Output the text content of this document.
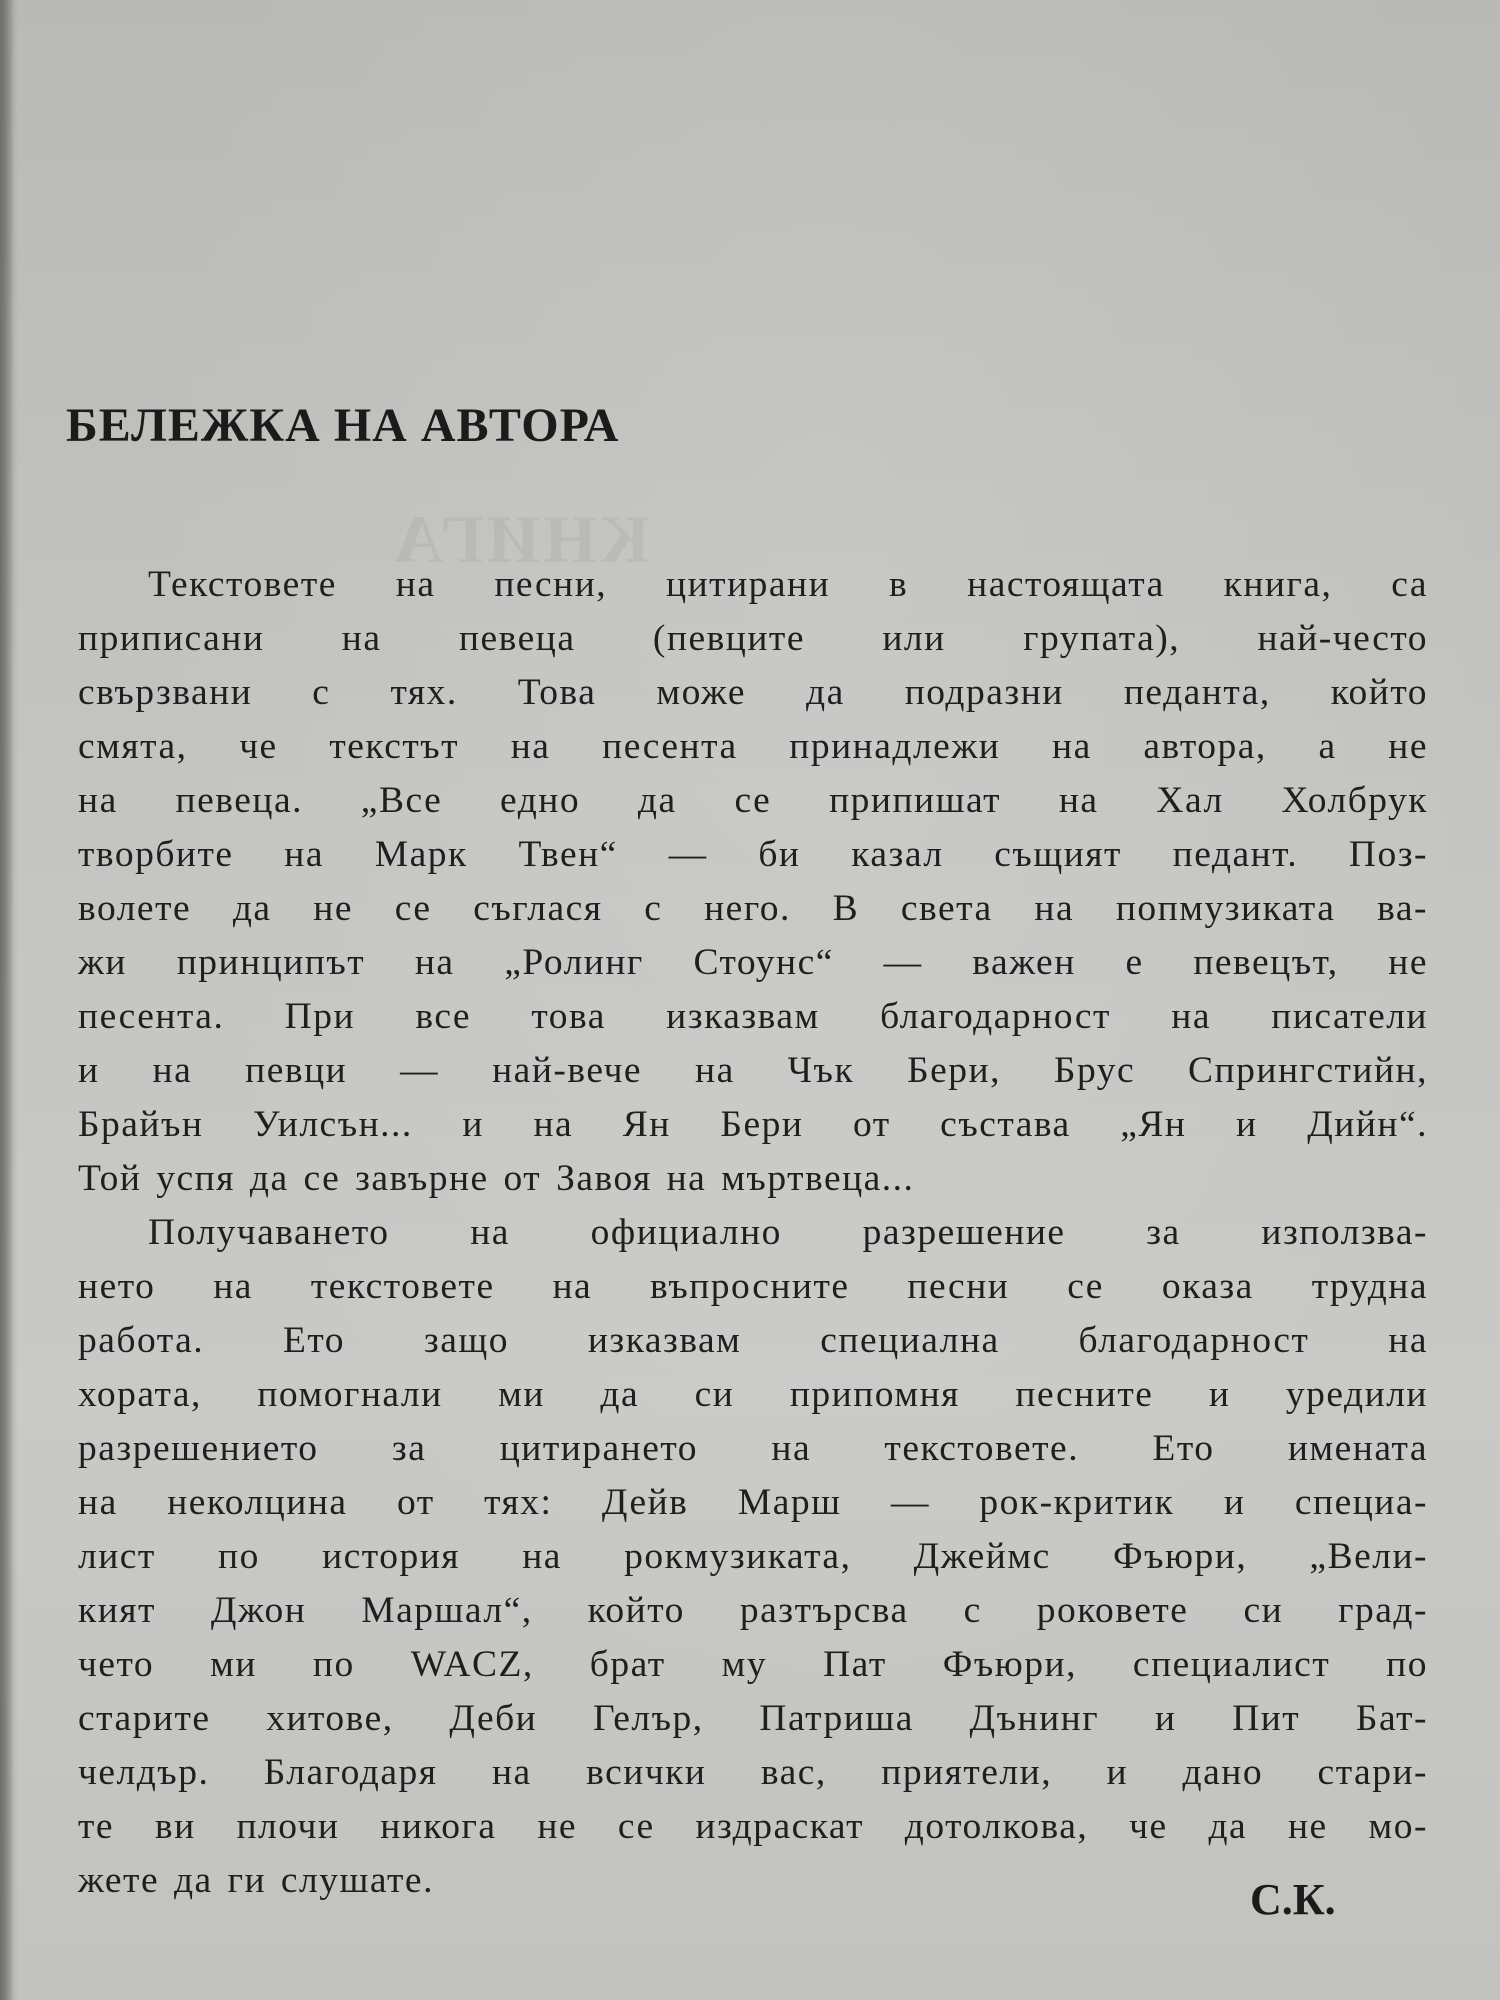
КНИГА
БЕЛЕЖКА НА АВТОРА
Текстовете на песни, цитирани в настоящата книга, са
приписани на певеца (певците или групата), най-често
свързвани с тях. Това може да подразни педанта, който
смята, че текстът на песента принадлежи на автора, а не
на певеца. „Все едно да се припишат на Хал Холбрук
творбите на Марк Твен“ — би казал същият педант. Поз-
волете да не се съглася с него. В света на попмузиката ва-
жи принципът на „Ролинг Стоунс“ — важен е певецът, не
песента. При все това изказвам благодарност на писатели
и на певци — най-вече на Чък Бери, Брус Спрингстийн,
Брайън Уилсън... и на Ян Бери от състава „Ян и Дийн“.
Той успя да се завърне от Завоя на мъртвеца...
Получаването на официално разрешение за използва-
нето на текстовете на въпросните песни се оказа трудна
работа. Ето защо изказвам специална благодарност на
хората, помогнали ми да си припомня песните и уредили
разрешението за цитирането на текстовете. Ето имената
на неколцина от тях: Дейв Марш — рок-критик и специа-
лист по история на рокмузиката, Джеймс Фъюри, „Вели-
кият Джон Маршал“, който разтърсва с роковете си град-
чето ми по WACZ, брат му Пат Фъюри, специалист по
старите хитове, Деби Гелър, Патриша Дънинг и Пит Бат-
челдър. Благодаря на всички вас, приятели, и дано стари-
те ви плочи никога не се издраскат дотолкова, че да не мо-
жете да ги слушате.	С.К.
